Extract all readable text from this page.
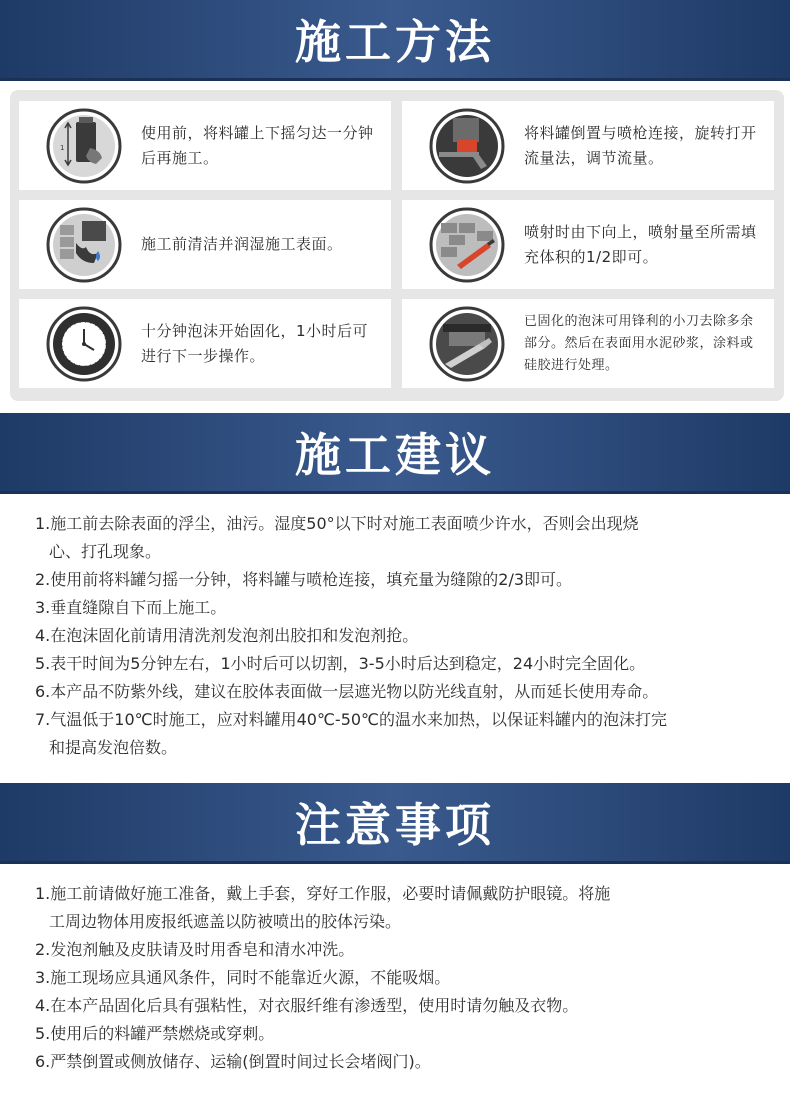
施工方法
1
使用前，将料罐上下摇匀达一分钟后再施工。
将料罐倒置与喷枪连接，旋转打开流量法，调节流量。
施工前清洁并润湿施工表面。
喷射时由下向上，喷射量至所需填充体积的1/2即可。
十分钟泡沫开始固化，1小时后可进行下一步操作。
已固化的泡沫可用锋利的小刀去除多余部分。然后在表面用水泥砂浆，涂料或硅胶进行处理。
施工建议
1.施工前去除表面的浮尘，油污。湿度50°以下时对施工表面喷少许水，否则会出现烧
心、打孔现象。
2.使用前将料罐匀摇一分钟，将料罐与喷枪连接，填充量为缝隙的2/3即可。
3.垂直缝隙自下而上施工。
4.在泡沫固化前请用清洗剂发泡剂出胶扣和发泡剂抢。
5.表干时间为5分钟左右，1小时后可以切割，3-5小时后达到稳定，24小时完全固化。
6.本产品不防紫外线，建议在胶体表面做一层遮光物以防光线直射，从而延长使用寿命。
7.气温低于10℃时施工，应对料罐用40℃-50℃的温水来加热，以保证料罐内的泡沫打完
和提高发泡倍数。
注意事项
1.施工前请做好施工准备，戴上手套，穿好工作服，必要时请佩戴防护眼镜。将施
工周边物体用废报纸遮盖以防被喷出的胶体污染。
2.发泡剂触及皮肤请及时用香皂和清水冲洗。
3.施工现场应具通风条件，同时不能靠近火源，不能吸烟。
4.在本产品固化后具有强粘性，对衣服纤维有渗透型，使用时请勿触及衣物。
5.使用后的料罐严禁燃烧或穿刺。
6.严禁倒置或侧放储存、运输(倒置时间过长会堵阀门)。
